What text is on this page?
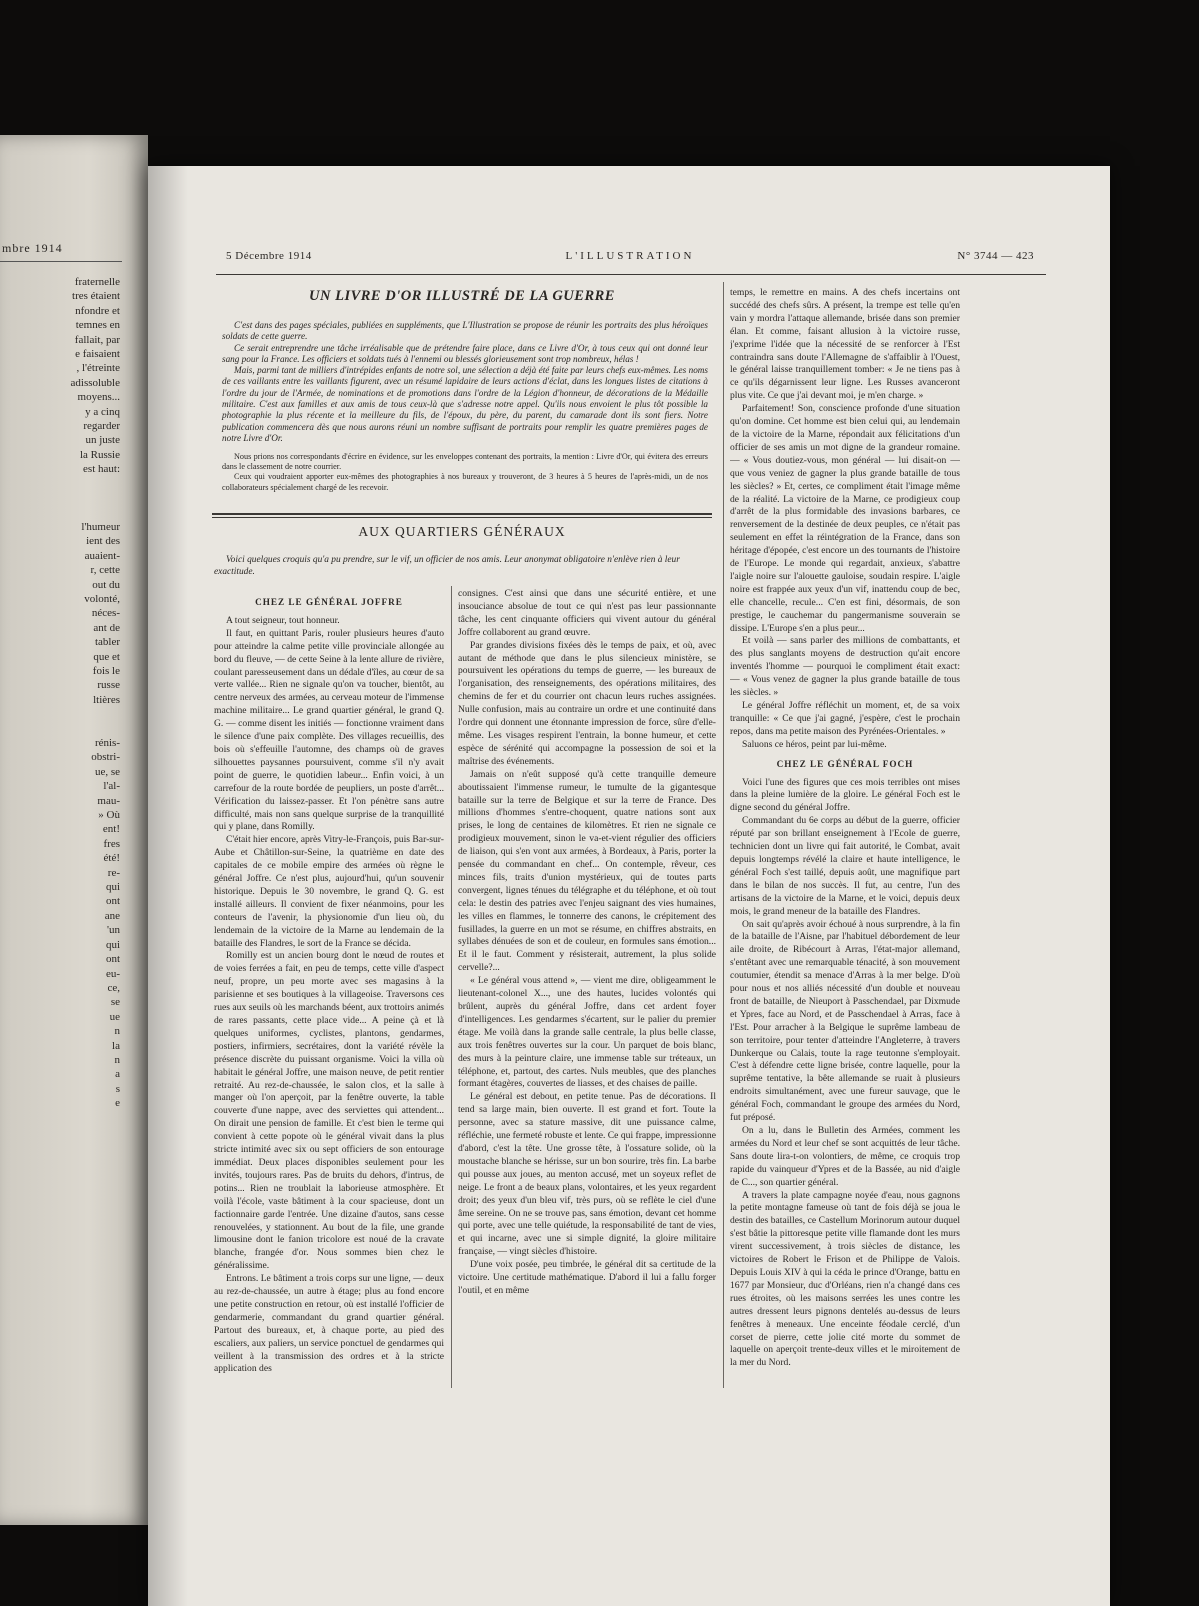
mbre 1914
fraternelle
tres étaient
nfondre et
temnes en
fallait, par
e faisaient
, l'étreinte
adissoluble
moyens...
y a cinq
regarder
un juste
la Russie
est haut:

l'humeur
ient des
auaient-
r, cette
out du
volonté,
néces-
ant de
tabler
que et
fois le
russe
ltières

rénis-
obstri-
ue, se
l'al-
mau-
» Où
ent!
fres
été!
re-
qui
ont
ane
'un
qui
ont
eu-
ce,
se
ue
n
la
n
a
s
e
5 Décembre 1914	L'ILLUSTRATION	N° 3744 — 423
UN LIVRE D'OR ILLUSTRÉ DE LA GUERRE

C'est dans des pages spéciales, publiées en suppléments, que L'Illustration se propose de réunir les portraits des plus héroïques soldats de cette guerre.

Ce serait entreprendre une tâche irréalisable que de prétendre faire place, dans ce Livre d'Or, à tous ceux qui ont donné leur sang pour la France. Les officiers et soldats tués à l'ennemi ou blessés glorieusement sont trop nombreux, hélas !

Mais, parmi tant de milliers d'intrépides enfants de notre sol, une sélection a déjà été faite par leurs chefs eux-mêmes. Les noms de ces vaillants entre les vaillants figurent, avec un résumé lapidaire de leurs actions d'éclat, dans les longues listes de citations à l'ordre du jour de l'Armée, de nominations et de promotions dans l'ordre de la Légion d'honneur, de décorations de la Médaille militaire. C'est aux familles et aux amis de tous ceux-là que s'adresse notre appel. Qu'ils nous envoient le plus tôt possible la photographie la plus récente et la meilleure du fils, de l'époux, du père, du parent, du camarade dont ils sont fiers. Notre publication commencera dès que nous aurons réuni un nombre suffisant de portraits pour remplir les quatre premières pages de notre Livre d'Or.

Nous prions nos correspondants d'écrire en évidence, sur les enveloppes contenant des portraits, la mention : Livre d'Or, qui évitera des erreurs dans le classement de notre courrier.

Ceux qui voudraient apporter eux-mêmes des photographies à nos bureaux y trouveront, de 3 heures à 5 heures de l'après-midi, un de nos collaborateurs spécialement chargé de les recevoir.

AUX QUARTIERS GÉNÉRAUX
Voici quelques croquis qu'a pu prendre, sur le vif, un officier de nos amis. Leur anonymat obligatoire n'enlève rien à leur exactitude.
CHEZ LE GÉNÉRAL JOFFRE

A tout seigneur, tout honneur.

Il faut, en quittant Paris, rouler plusieurs heures d'auto pour atteindre la calme petite ville provinciale allongée au bord du fleuve, — de cette Seine à la lente allure de rivière, coulant paresseusement dans un dédale d'îles, au cœur de sa verte vallée... Rien ne signale qu'on va toucher, bientôt, au centre nerveux des armées, au cerveau moteur de l'immense machine militaire... Le grand quartier général, le grand Q. G. — comme disent les initiés — fonctionne vraiment dans le silence d'une paix complète. Des villages recueillis, des bois où s'effeuille l'automne, des champs où de graves silhouettes paysannes poursuivent, comme s'il n'y avait point de guerre, le quotidien labeur... Enfin voici, à un carrefour de la route bordée de peupliers, un poste d'arrêt... Vérification du laissez-passer. Et l'on pénètre sans autre difficulté, mais non sans quelque surprise de la tranquillité qui y plane, dans Romilly.

C'était hier encore, après Vitry-le-François, puis Bar-sur-Aube et Châtillon-sur-Seine, la quatrième en date des capitales de ce mobile empire des armées où règne le général Joffre. Ce n'est plus, aujourd'hui, qu'un souvenir historique. Depuis le 30 novembre, le grand Q. G. est installé ailleurs. Il convient de fixer néanmoins, pour les conteurs de l'avenir, la physionomie d'un lieu où, du lendemain de la victoire de la Marne au lendemain de la bataille des Flandres, le sort de la France se décida.

Romilly est un ancien bourg dont le nœud de routes et de voies ferrées a fait, en peu de temps, cette ville d'aspect neuf, propre, un peu morte avec ses magasins à la parisienne et ses boutiques à la villageoise. Traversons ces rues aux seuils où les marchands béent, aux trottoirs animés de rares passants, cette place vide... A peine çà et là quelques uniformes, cyclistes, plantons, gendarmes, postiers, infirmiers, secrétaires, dont la variété révèle la présence discrète du puissant organisme. Voici la villa où habitait le général Joffre, une maison neuve, de petit rentier retraité. Au rez-de-chaussée, le salon clos, et la salle à manger où l'on aperçoit, par la fenêtre ouverte, la table couverte d'une nappe, avec des serviettes qui attendent... On dirait une pension de famille. Et c'est bien le terme qui convient à cette popote où le général vivait dans la plus stricte intimité avec six ou sept officiers de son entourage immédiat. Deux places disponibles seulement pour les invités, toujours rares. Pas de bruits du dehors, d'intrus, de potins... Rien ne troublait la laborieuse atmosphère. Et voilà l'école, vaste bâtiment à la cour spacieuse, dont un factionnaire garde l'entrée. Une dizaine d'autos, sans cesse renouvelées, y stationnent. Au bout de la file, une grande limousine dont le fanion tricolore est noué de la cravate blanche, frangée d'or. Nous sommes bien chez le généralissime.

Entrons. Le bâtiment a trois corps sur une ligne, — deux au rez-de-chaussée, un autre à étage; plus au fond encore une petite construction en retour, où est installé l'officier de gendarmerie, commandant du grand quartier général. Partout des bureaux, et, à chaque porte, au pied des escaliers, aux paliers, un service ponctuel de gendarmes qui veillent à la transmission des ordres et à la stricte application des

consignes. C'est ainsi que dans une sécurité entière, et une insouciance absolue de tout ce qui n'est pas leur passionnante tâche, les cent cinquante officiers qui vivent autour du général Joffre collaborent au grand œuvre.

Par grandes divisions fixées dès le temps de paix, et où, avec autant de méthode que dans le plus silencieux ministère, se poursuivent les opérations du temps de guerre, — les bureaux de l'organisation, des renseignements, des opérations militaires, des chemins de fer et du courrier ont chacun leurs ruches assignées. Nulle confusion, mais au contraire un ordre et une continuité dans l'ordre qui donnent une étonnante impression de force, sûre d'elle-même. Les visages respirent l'entrain, la bonne humeur, et cette espèce de sérénité qui accompagne la possession de soi et la maîtrise des événements.

Jamais on n'eût supposé qu'à cette tranquille demeure aboutissaient l'immense rumeur, le tumulte de la gigantesque bataille sur la terre de Belgique et sur la terre de France. Des millions d'hommes s'entre-choquent, quatre nations sont aux prises, le long de centaines de kilomètres. Et rien ne signale ce prodigieux mouvement, sinon le va-et-vient régulier des officiers de liaison, qui s'en vont aux armées, à Bordeaux, à Paris, porter la pensée du commandant en chef... On contemple, rêveur, ces minces fils, traits d'union mystérieux, qui de toutes parts convergent, lignes ténues du télégraphe et du téléphone, et où tout cela: le destin des patries avec l'enjeu saignant des vies humaines, les villes en flammes, le tonnerre des canons, le crépitement des fusillades, la guerre en un mot se résume, en chiffres abstraits, en syllabes dénuées de son et de couleur, en formules sans émotion... Et il le faut. Comment y résisterait, autrement, la plus solide cervelle?...

« Le général vous attend », — vient me dire, obligeamment le lieutenant-colonel X..., une des hautes, lucides volontés qui brûlent, auprès du général Joffre, dans cet ardent foyer d'intelligences. Les gendarmes s'écartent, sur le palier du premier étage. Me voilà dans la grande salle centrale, la plus belle classe, aux trois fenêtres ouvertes sur la cour. Un parquet de bois blanc, des murs à la peinture claire, une immense table sur tréteaux, un téléphone, et, partout, des cartes. Nuls meubles, que des planches formant étagères, couvertes de liasses, et des chaises de paille.

Le général est debout, en petite tenue. Pas de décorations. Il tend sa large main, bien ouverte. Il est grand et fort. Toute la personne, avec sa stature massive, dit une puissance calme, réfléchie, une fermeté robuste et lente. Ce qui frappe, impressionne d'abord, c'est la tête. Une grosse tête, à l'ossature solide, où la moustache blanche se hérisse, sur un bon sourire, très fin. La barbe qui pousse aux joues, au menton accusé, met un soyeux reflet de neige. Le front a de beaux plans, volontaires, et les yeux regardent droit; des yeux d'un bleu vif, très purs, où se reflète le ciel d'une âme sereine. On ne se trouve pas, sans émotion, devant cet homme qui porte, avec une telle quiétude, la responsabilité de tant de vies, et qui incarne, avec une si simple dignité, la gloire militaire française, — vingt siècles d'histoire.

D'une voix posée, peu timbrée, le général dit sa certitude de la victoire. Une certitude mathématique. D'abord il lui a fallu forger l'outil, et en même

temps, le remettre en mains. A des chefs incertains ont succédé des chefs sûrs. A présent, la trempe est telle qu'en vain y mordra l'attaque allemande, brisée dans son premier élan. Et comme, faisant allusion à la victoire russe, j'exprime l'idée que la nécessité de se renforcer à l'Est contraindra sans doute l'Allemagne de s'affaiblir à l'Ouest, le général laisse tranquillement tomber: « Je ne tiens pas à ce qu'ils dégarnissent leur ligne. Les Russes avanceront plus vite. Ce que j'ai devant moi, je m'en charge. »

Parfaitement! Son, conscience profonde d'une situation qu'on domine. Cet homme est bien celui qui, au lendemain de la victoire de la Marne, répondait aux félicitations d'un officier de ses amis un mot digne de la grandeur romaine. — « Vous doutiez-vous, mon général — lui disait-on — que vous veniez de gagner la plus grande bataille de tous les siècles? » Et, certes, ce compliment était l'image même de la réalité. La victoire de la Marne, ce prodigieux coup d'arrêt de la plus formidable des invasions barbares, ce renversement de la destinée de deux peuples, ce n'était pas seulement en effet la réintégration de la France, dans son héritage d'épopée, c'est encore un des tournants de l'histoire de l'Europe. Le monde qui regardait, anxieux, s'abattre l'aigle noire sur l'alouette gauloise, soudain respire. L'aigle noire est frappée aux yeux d'un vif, inattendu coup de bec, elle chancelle, recule... C'en est fini, désormais, de son prestige, le cauchemar du pangermanisme souverain se dissipe. L'Europe s'en a plus peur...

Et voilà — sans parler des millions de combattants, et des plus sanglants moyens de destruction qu'ait encore inventés l'homme — pourquoi le compliment était exact: — « Vous venez de gagner la plus grande bataille de tous les siècles. »

Le général Joffre réfléchit un moment, et, de sa voix tranquille: « Ce que j'ai gagné, j'espère, c'est le prochain repos, dans ma petite maison des Pyrénées-Orientales. »

Saluons ce héros, peint par lui-même.

CHEZ LE GÉNÉRAL FOCH

Voici l'une des figures que ces mois terribles ont mises dans la pleine lumière de la gloire. Le général Foch est le digne second du général Joffre.

Commandant du 6e corps au début de la guerre, officier réputé par son brillant enseignement à l'Ecole de guerre, technicien dont un livre qui fait autorité, le Combat, avait depuis longtemps révélé la claire et haute intelligence, le général Foch s'est taillé, depuis août, une magnifique part dans le bilan de nos succès. Il fut, au centre, l'un des artisans de la victoire de la Marne, et le voici, depuis deux mois, le grand meneur de la bataille des Flandres.

On sait qu'après avoir échoué à nous surprendre, à la fin de la bataille de l'Aisne, par l'habituel débordement de leur aile droite, de Ribécourt à Arras, l'état-major allemand, s'entêtant avec une remarquable ténacité, à son mouvement coutumier, étendit sa menace d'Arras à la mer belge. D'où pour nous et nos alliés nécessité d'un double et nouveau front de bataille, de Nieuport à Passchendael, par Dixmude et Ypres, face au Nord, et de Passchendael à Arras, face à l'Est. Pour arracher à la Belgique le suprême lambeau de son territoire, pour tenter d'atteindre l'Angleterre, à travers Dunkerque ou Calais, toute la rage teutonne s'employait. C'est à défendre cette ligne brisée, contre laquelle, pour la suprême tentative, la bête allemande se ruait à plusieurs endroits simultanément, avec une fureur sauvage, que le général Foch, commandant le groupe des armées du Nord, fut préposé.

On a lu, dans le Bulletin des Armées, comment les armées du Nord et leur chef se sont acquittés de leur tâche. Sans doute lira-t-on volontiers, de même, ce croquis trop rapide du vainqueur d'Ypres et de la Bassée, au nid d'aigle de C..., son quartier général.

A travers la plate campagne noyée d'eau, nous gagnons la petite montagne fameuse où tant de fois déjà se joua le destin des batailles, ce Castellum Morinorum autour duquel s'est bâtie la pittoresque petite ville flamande dont les murs virent successivement, à trois siècles de distance, les victoires de Robert le Frison et de Philippe de Valois. Depuis Louis XIV à qui la céda le prince d'Orange, battu en 1677 par Monsieur, duc d'Orléans, rien n'a changé dans ces rues étroites, où les maisons serrées les unes contre les autres dressent leurs pignons dentelés au-dessus de leurs fenêtres à meneaux. Une enceinte féodale cerclé, d'un corset de pierre, cette jolie cité morte du sommet de laquelle on aperçoit trente-deux villes et le miroitement de la mer du Nord.
